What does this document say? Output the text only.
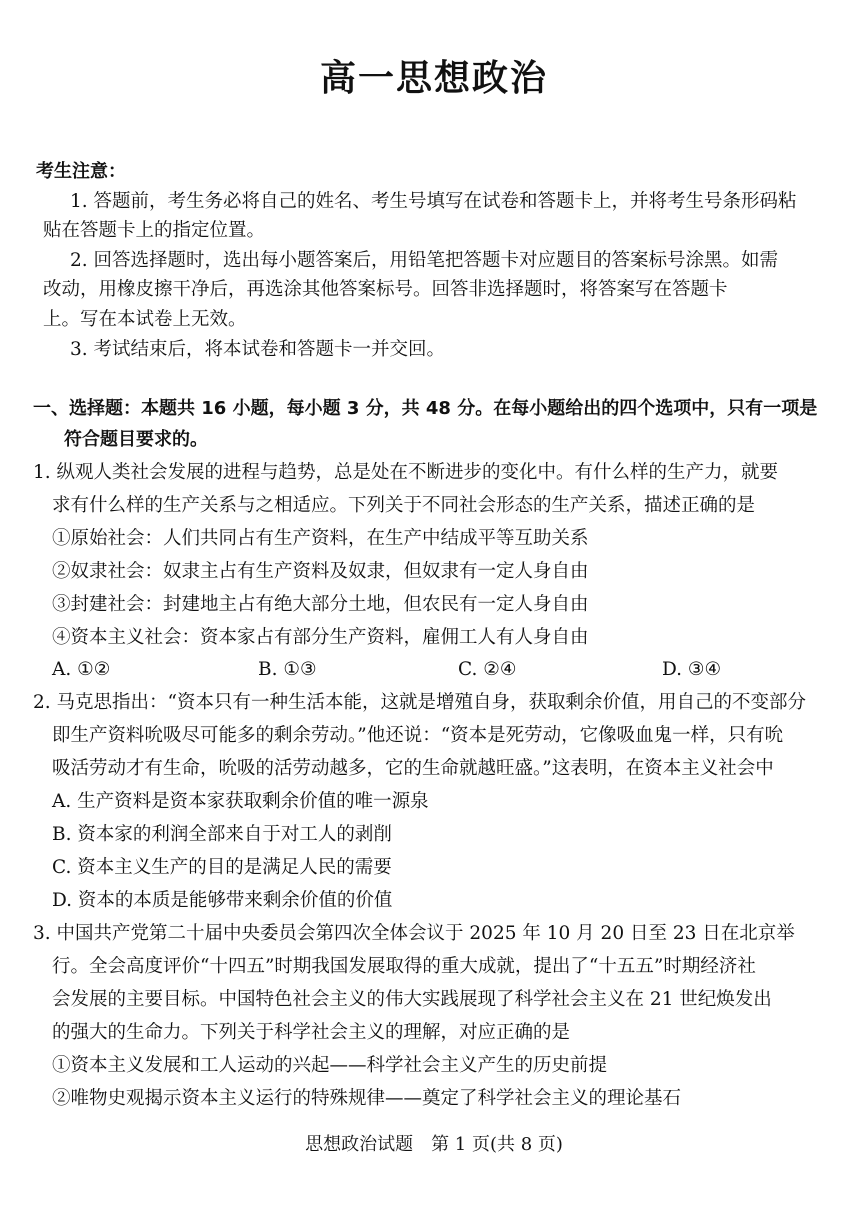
高一思想政治
考生注意：
1. 答题前，考生务必将自己的姓名、考生号填写在试卷和答题卡上，并将考生号条形码粘
贴在答题卡上的指定位置。
2. 回答选择题时，选出每小题答案后，用铅笔把答题卡对应题目的答案标号涂黑。如需
改动，用橡皮擦干净后，再选涂其他答案标号。回答非选择题时，将答案写在答题卡
上。写在本试卷上无效。
3. 考试结束后，将本试卷和答题卡一并交回。
一、选择题：本题共 16 小题，每小题 3 分，共 48 分。在每小题给出的四个选项中，只有一项是
符合题目要求的。
1. 纵观人类社会发展的进程与趋势，总是处在不断进步的变化中。有什么样的生产力，就要
求有什么样的生产关系与之相适应。下列关于不同社会形态的生产关系，描述正确的是
①原始社会：人们共同占有生产资料，在生产中结成平等互助关系
②奴隶社会：奴隶主占有生产资料及奴隶，但奴隶有一定人身自由
③封建社会：封建地主占有绝大部分土地，但农民有一定人身自由
④资本主义社会：资本家占有部分生产资料，雇佣工人有人身自由
A. ①②	B. ①③	C. ②④	D. ③④
2. 马克思指出：“资本只有一种生活本能，这就是增殖自身，获取剩余价值，用自己的不变部分
即生产资料吮吸尽可能多的剩余劳动。”他还说：“资本是死劳动，它像吸血鬼一样，只有吮
吸活劳动才有生命，吮吸的活劳动越多，它的生命就越旺盛。”这表明，在资本主义社会中
A. 生产资料是资本家获取剩余价值的唯一源泉
B. 资本家的利润全部来自于对工人的剥削
C. 资本主义生产的目的是满足人民的需要
D. 资本的本质是能够带来剩余价值的价值
3. 中国共产党第二十届中央委员会第四次全体会议于 2025 年 10 月 20 日至 23 日在北京举
行。全会高度评价“十四五”时期我国发展取得的重大成就，提出了“十五五”时期经济社
会发展的主要目标。中国特色社会主义的伟大实践展现了科学社会主义在 21 世纪焕发出
的强大的生命力。下列关于科学社会主义的理解，对应正确的是
①资本主义发展和工人运动的兴起——科学社会主义产生的历史前提
②唯物史观揭示资本主义运行的特殊规律——奠定了科学社会主义的理论基石
思想政治试题　第 1 页(共 8 页)
